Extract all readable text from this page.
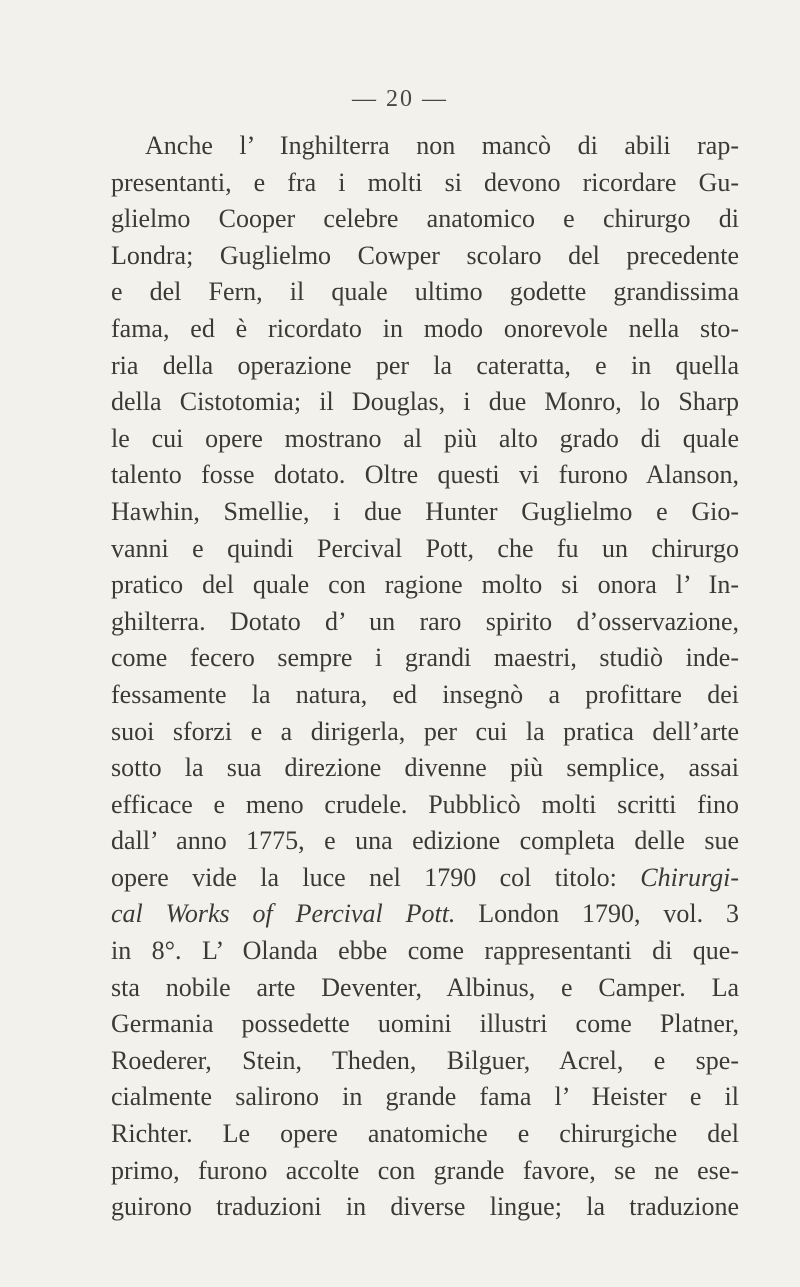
— 20 —
Anche l’ Inghilterra non mancò di abili rap-
presentanti, e fra i molti si devono ricordare Gu-
glielmo Cooper celebre anatomico e chirurgo di
Londra; Guglielmo Cowper scolaro del precedente
e del Fern, il quale ultimo godette grandissima
fama, ed è ricordato in modo onorevole nella sto-
ria della operazione per la cateratta, e in quella
della Cistotomia; il Douglas, i due Monro, lo Sharp
le cui opere mostrano al più alto grado di quale
talento fosse dotato. Oltre questi vi furono Alanson,
Hawhin, Smellie, i due Hunter Guglielmo e Gio-
vanni e quindi Percival Pott, che fu un chirurgo
pratico del quale con ragione molto si onora l’ In-
ghilterra. Dotato d’ un raro spirito d’osservazione,
come fecero sempre i grandi maestri, studiò inde-
fessamente la natura, ed insegnò a profittare dei
suoi sforzi e a dirigerla, per cui la pratica dell’arte
sotto la sua direzione divenne più semplice, assai
efficace e meno crudele. Pubblicò molti scritti fino
dall’ anno 1775, e una edizione completa delle sue
opere vide la luce nel 1790 col titolo: Chirurgi-
cal Works of Percival Pott. London 1790, vol. 3
in 8°. L’ Olanda ebbe come rappresentanti di que-
sta nobile arte Deventer, Albinus, e Camper. La
Germania possedette uomini illustri come Platner,
Roederer, Stein, Theden, Bilguer, Acrel, e spe-
cialmente salirono in grande fama l’ Heister e il
Richter. Le opere anatomiche e chirurgiche del
primo, furono accolte con grande favore, se ne ese-
guirono traduzioni in diverse lingue; la traduzione
